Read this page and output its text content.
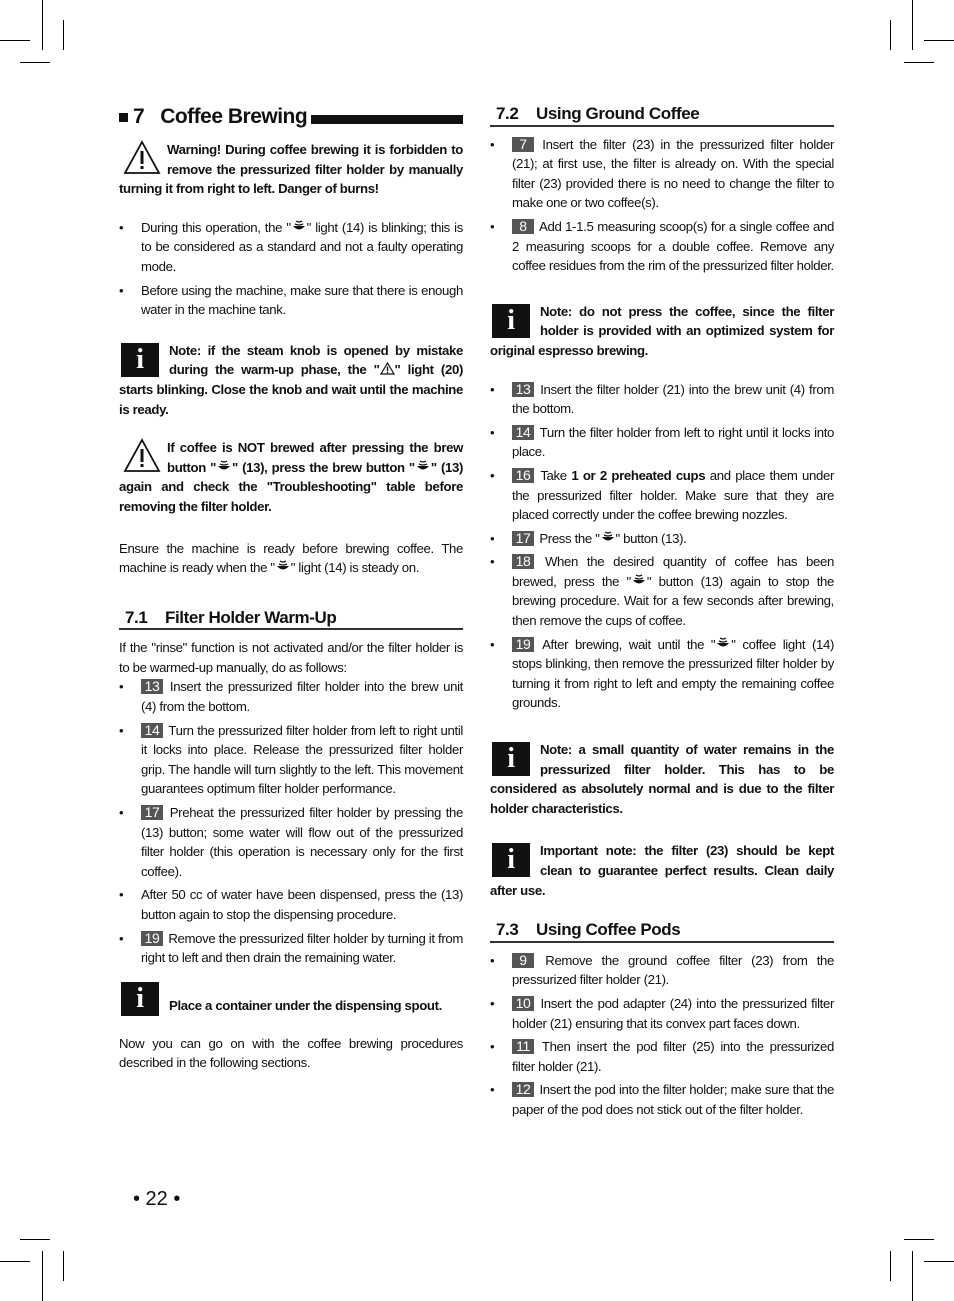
7 Coffee Brewing
Warning! During coffee brewing it is forbidden to remove the pressurized filter holder by manually turning it from right to left. Danger of burns!
• During this operation, the " " light (14) is blinking; this is to be considered as a standard and not a faulty operating mode.
• Before using the machine, make sure that there is enough water in the machine tank.
i	Note: if the steam knob is opened by mistake during the warm-up phase, the " " light (20) starts blinking. Close the knob and wait until the machine is ready.
If coffee is NOT brewed after pressing the brew button " " (13), press the brew button " " (13) again and check the "Troubleshooting" table before removing the filter holder.

Ensure the machine is ready before brewing coffee. The machine is ready when the " " light (14) is steady on.

7.1 Filter Holder Warm-Up

If the "rinse" function is not activated and/or the filter holder is to be warmed-up manually, do as follows:

• 13 Insert the pressurized filter holder into the brew unit (4) from the bottom.
• 14 Turn the pressurized filter holder from left to right until it locks into place. Release the pressurized filter holder grip. The handle will turn slightly to the left. This movement guarantees optimum filter holder performance.
• 17 Preheat the pressurized filter holder by pressing the (13) button; some water will flow out of the pressurized filter holder (this operation is necessary only for the first coffee).
• After 50 cc of water have been dispensed, press the (13) button again to stop the dispensing procedure.
• 19 Remove the pressurized filter holder by turning it from right to left and then drain the remaining water.
i	Place a container under the dispensing spout.

Now you can go on with the coffee brewing procedures described in the following sections.

7.2 Using Ground Coffee
• 7 Insert the filter (23) in the pressurized filter holder (21); at first use, the filter is already on. With the special filter (23) provided there is no need to change the filter to make one or two coffee(s).
• 8 Add 1-1.5 measuring scoop(s) for a single coffee and 2 measuring scoops for a double coffee. Remove any coffee residues from the rim of the pressurized filter holder.
i	Note: do not press the coffee, since the filter holder is provided with an optimized system for original espresso brewing.
• 13 Insert the filter holder (21) into the brew unit (4) from the bottom.
• 14 Turn the filter holder from left to right until it locks into place.
• 16 Take 1 or 2 preheated cups and place them under the pressurized filter holder. Make sure that they are placed correctly under the coffee brewing nozzles.
• 17 Press the " " button (13).
• 18 When the desired quantity of coffee has been brewed, press the " " button (13) again to stop the brewing procedure. Wait for a few seconds after brewing, then remove the cups of coffee.
• 19 After brewing, wait until the " " coffee light (14) stops blinking, then remove the pressurized filter holder by turning it from right to left and empty the remaining coffee grounds.
i	Note: a small quantity of water remains in the pressurized filter holder. This has to be considered as absolutely normal and is due to the filter holder characteristics.
i	Important note: the filter (23) should be kept clean to guarantee perfect results. Clean daily after use.
7.3 Using Coffee Pods
• 9 Remove the ground coffee filter (23) from the pressurized filter holder (21).
• 10 Insert the pod adapter (24) into the pressurized filter holder (21) ensuring that its convex part faces down.
• 11 Then insert the pod filter (25) into the pressurized filter holder (21).
• 12 Insert the pod into the filter holder; make sure that the paper of the pod does not stick out of the filter holder.
• 22 •
